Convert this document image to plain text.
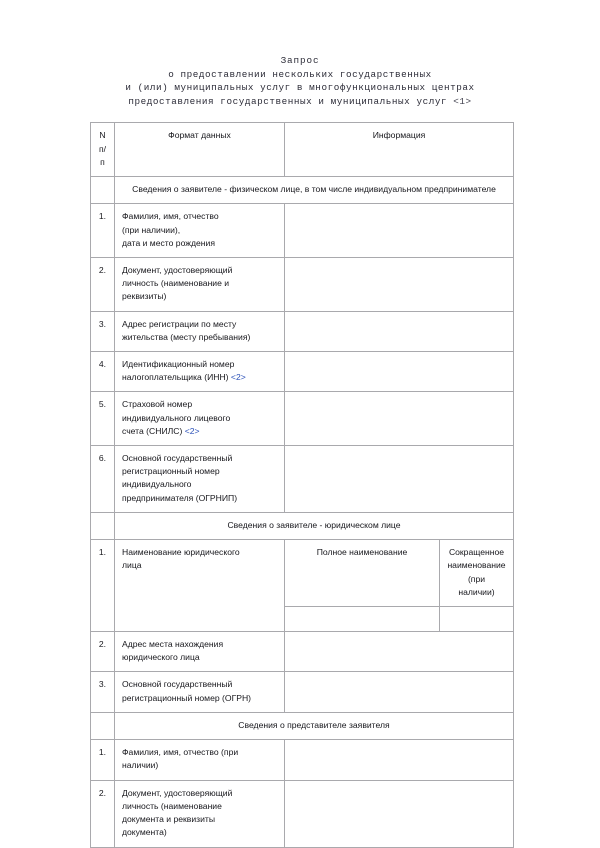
Запрос
о предоставлении нескольких государственных
и (или) муниципальных услуг в многофункциональных центрах
предоставления государственных и муниципальных услуг <1>
N
п/п	Формат данных	Информация	
	Сведения о заявителе - физическом лице, в том числе индивидуальном предпринимателе		
1.	Фамилия, имя, отчество
(при наличии),
дата и место рождения		

2.	Документ, удостоверяющий
личность (наименование и
реквизиты)		

3.	Адрес регистрации по месту
жительства (месту пребывания)		

4.	Идентификационный номер
налогоплательщика (ИНН) <2>		

5.	Страховой номер
индивидуального лицевого
счета (СНИЛС) <2>		

6.	Основной государственный
регистрационный номер
индивидуального
предпринимателя (ОГРНИП)		

	Сведения о заявителе - юридическом лице		
1.	Наименование юридического
лица
	Полное наименование	Сокращенное
наименование (при
наличии)

2.	Адрес места нахождения
юридического лица		

3.	Основной государственный
регистрационный номер (ОГРН)		

	Сведения о представителе заявителя		
1.	Фамилия, имя, отчество (при
наличии)		

2.	Документ, удостоверяющий
личность (наименование
документа и реквизиты
документа)		
